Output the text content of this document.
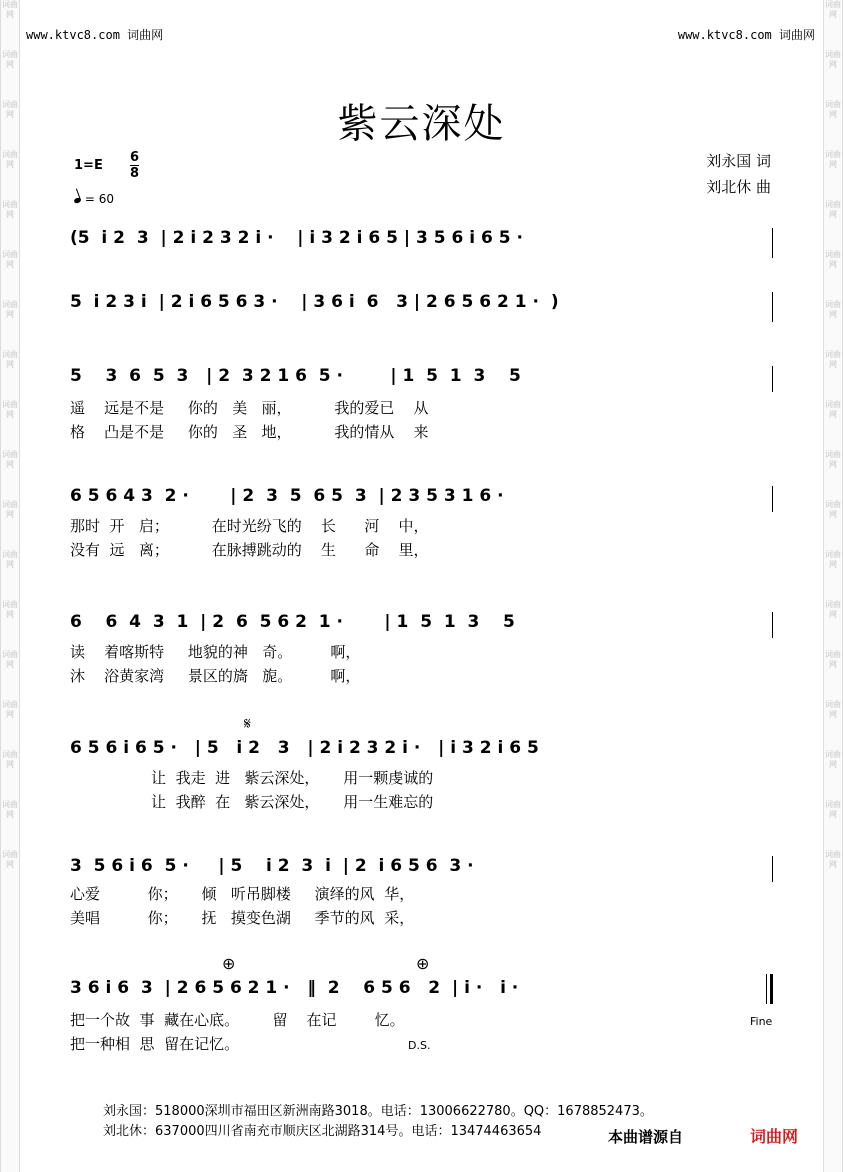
词曲网
词曲网
词曲网
词曲网
词曲网
词曲网
词曲网
词曲网
词曲网
词曲网
词曲网
词曲网
词曲网
词曲网
词曲网
词曲网
词曲网
词曲网
词曲网
词曲网
词曲网
词曲网
词曲网
词曲网
词曲网
词曲网
词曲网
词曲网
词曲网
词曲网
词曲网
词曲网
词曲网
词曲网
词曲网
词曲网
www.ktvc8.com 词曲网	www.ktvc8.com 词曲网
紫云深处
1=E
6
8
= 60
刘永国 词
刘北休 曲
(5  i 2  3  | 2 i 2 3 2 i ·    | i 3 2 i 6 5 | 3 5 6 i 6 5 ·
5  i 2 3 i  | 2 i 6 5 6 3 ·    | 3 6 i  6   3 | 2 6 5 6 2 1 ·  )
5    3  6  5  3   | 2  3 2 1 6  5 ·        | 1  5  1  3    5
遥    远是不是     你的   美   丽，         我的爱已    从
格    凸是不是     你的   圣   地，         我的情从    来
6 5 6 4 3  2 ·       | 2  3  5  6 5  3  | 2 3 5 3 1 6 ·
那时  开   启；         在时光纷飞的    长      河    中，
没有  远   离；         在脉搏跳动的    生      命    里，
6    6  4  3  1  | 2  6  5 6 2  1 ·       | 1  5  1  3    5
读    着喀斯特     地貌的神   奇。        啊，
沐    浴黄家湾     景区的旖   旎。        啊，
𝄋
6 5 6 i 6 5 ·   | 5   i 2   3   | 2 i 2 3 2 i ·   | i 3 2 i 6 5
让  我走  进   紫云深处，     用一颗虔诚的
让  我醉  在   紫云深处，     用一生难忘的
3  5 6 i 6  5 ·     | 5    i 2  3  i  | 2  i 6 5 6  3 ·
心爱          你；     倾   听吊脚楼     演绎的风  华，
美唱          你；     抚   摸变色湖     季节的风  采，
⊕	⊕
3 6 i 6  3  | 2 6 5 6 2 1 ·   ‖  2    6 5 6   2  | i ·   i ·
把一个故  事  藏在心底。       留    在记        忆。
把一种相  思  留在记忆。
Fine
D.S.
刘永国：518000深圳市福田区新洲南路3018。电话：13006622780。QQ：1678852473。
刘北休：637000四川省南充市顺庆区北湖路314号。电话：13474463654	本曲谱源自	词曲网
